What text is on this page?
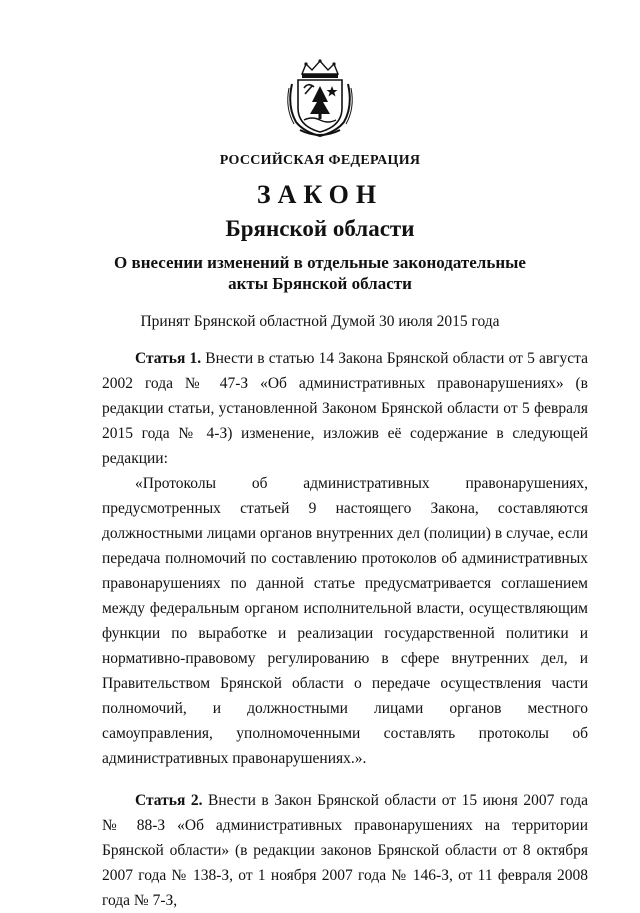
РОССИЙСКАЯ ФЕДЕРАЦИЯ
ЗАКОН
Брянской области
О внесении изменений в отдельные законодательные акты Брянской области
Принят Брянской областной Думой 30 июля 2015 года

Статья 1. Внести в статью 14 Закона Брянской области от 5 августа 2002 года № 47-З «Об административных правонарушениях» (в редакции статьи, установленной Законом Брянской области от 5 февраля 2015 года № 4-З) изменение, изложив её содержание в следующей редакции:

«Протоколы об административных правонарушениях, предусмотренных статьей 9 настоящего Закона, составляются должностными лицами органов внутренних дел (полиции) в случае, если передача полномочий по составлению протоколов об административных правонарушениях по данной статье предусматривается соглашением между федеральным органом исполнительной власти, осуществляющим функции по выработке и реализации государственной политики и нормативно-правовому регулированию в сфере внутренних дел, и Правительством Брянской области о передаче осуществления части полномочий, и должностными лицами органов местного самоуправления, уполномоченными составлять протоколы об административных правонарушениях.».

Статья 2. Внести в Закон Брянской области от 15 июня 2007 года № 88-З «Об административных правонарушениях на территории Брянской области» (в редакции законов Брянской области от 8 октября 2007 года № 138-З, от 1 ноября 2007 года № 146-З, от 11 февраля 2008 года № 7-З,
